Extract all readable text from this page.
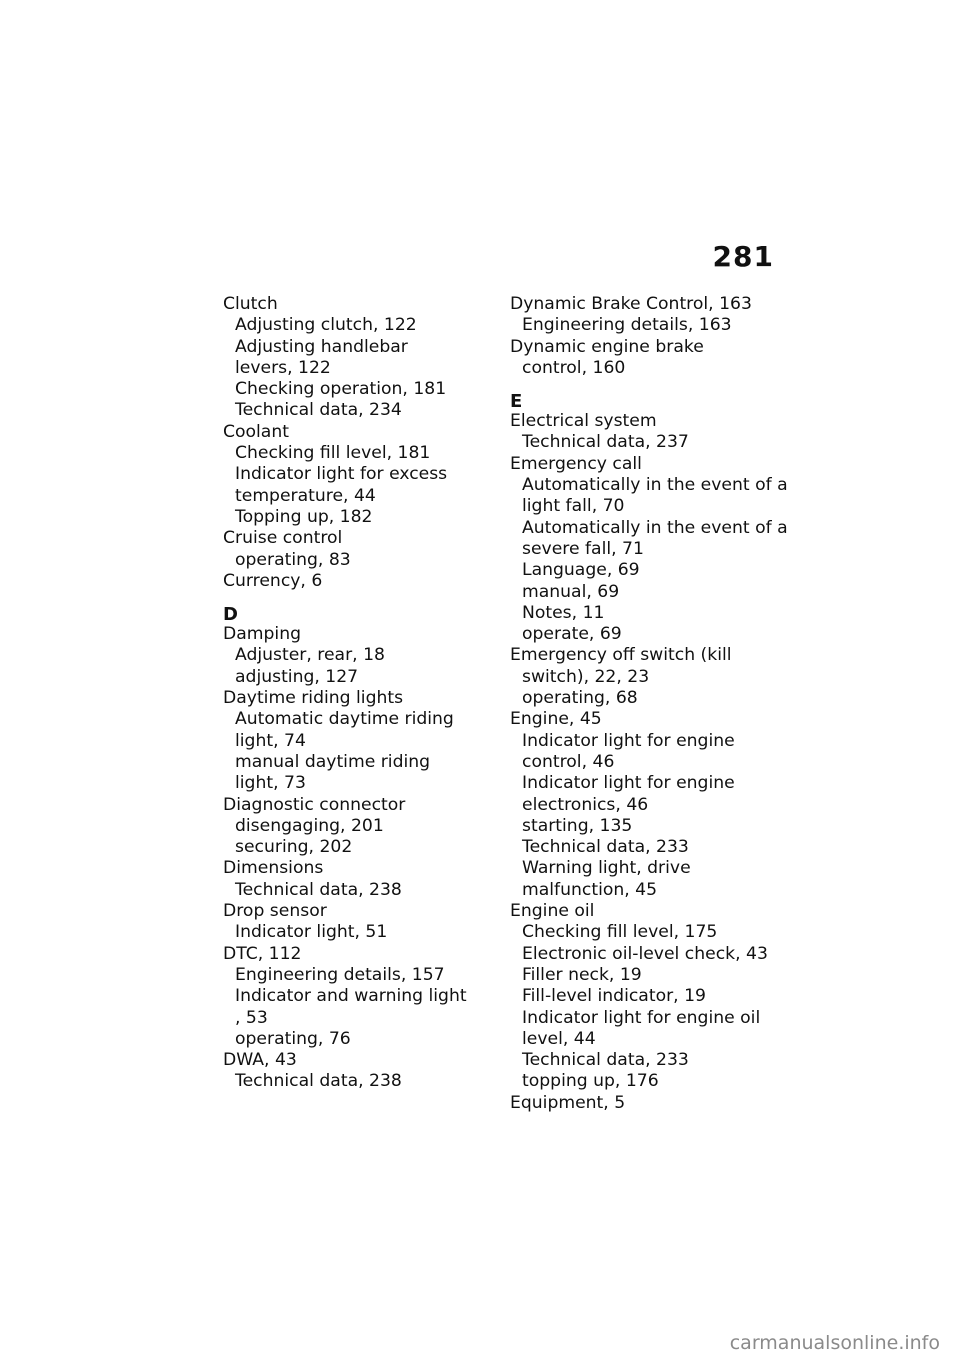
281
Clutch
Adjusting clutch, 122
Adjusting handlebar
levers, 122
Checking operation, 181
Technical data, 234
Coolant
Checking fill level, 181
Indicator light for excess
temperature, 44
Topping up, 182
Cruise control
operating, 83
Currency, 6
D
Damping
Adjuster, rear, 18
adjusting, 127
Daytime riding lights
Automatic daytime riding
light, 74
manual daytime riding
light, 73
Diagnostic connector
disengaging, 201
securing, 202
Dimensions
Technical data, 238
Drop sensor
Indicator light, 51
DTC, 112
Engineering details, 157
Indicator and warning light
, 53
operating, 76
DWA, 43
Technical data, 238
Dynamic Brake Control, 163
Engineering details, 163
Dynamic engine brake
control, 160
E
Electrical system
Technical data, 237
Emergency call
Automatically in the event of a
light fall, 70
Automatically in the event of a
severe fall, 71
Language, 69
manual, 69
Notes, 11
operate, 69
Emergency off switch (kill
switch), 22, 23
operating, 68
Engine, 45
Indicator light for engine
control, 46
Indicator light for engine
electronics, 46
starting, 135
Technical data, 233
Warning light, drive
malfunction, 45
Engine oil
Checking fill level, 175
Electronic oil-level check, 43
Filler neck, 19
Fill-level indicator, 19
Indicator light for engine oil
level, 44
Technical data, 233
topping up, 176
Equipment, 5
carmanualsonline.info
